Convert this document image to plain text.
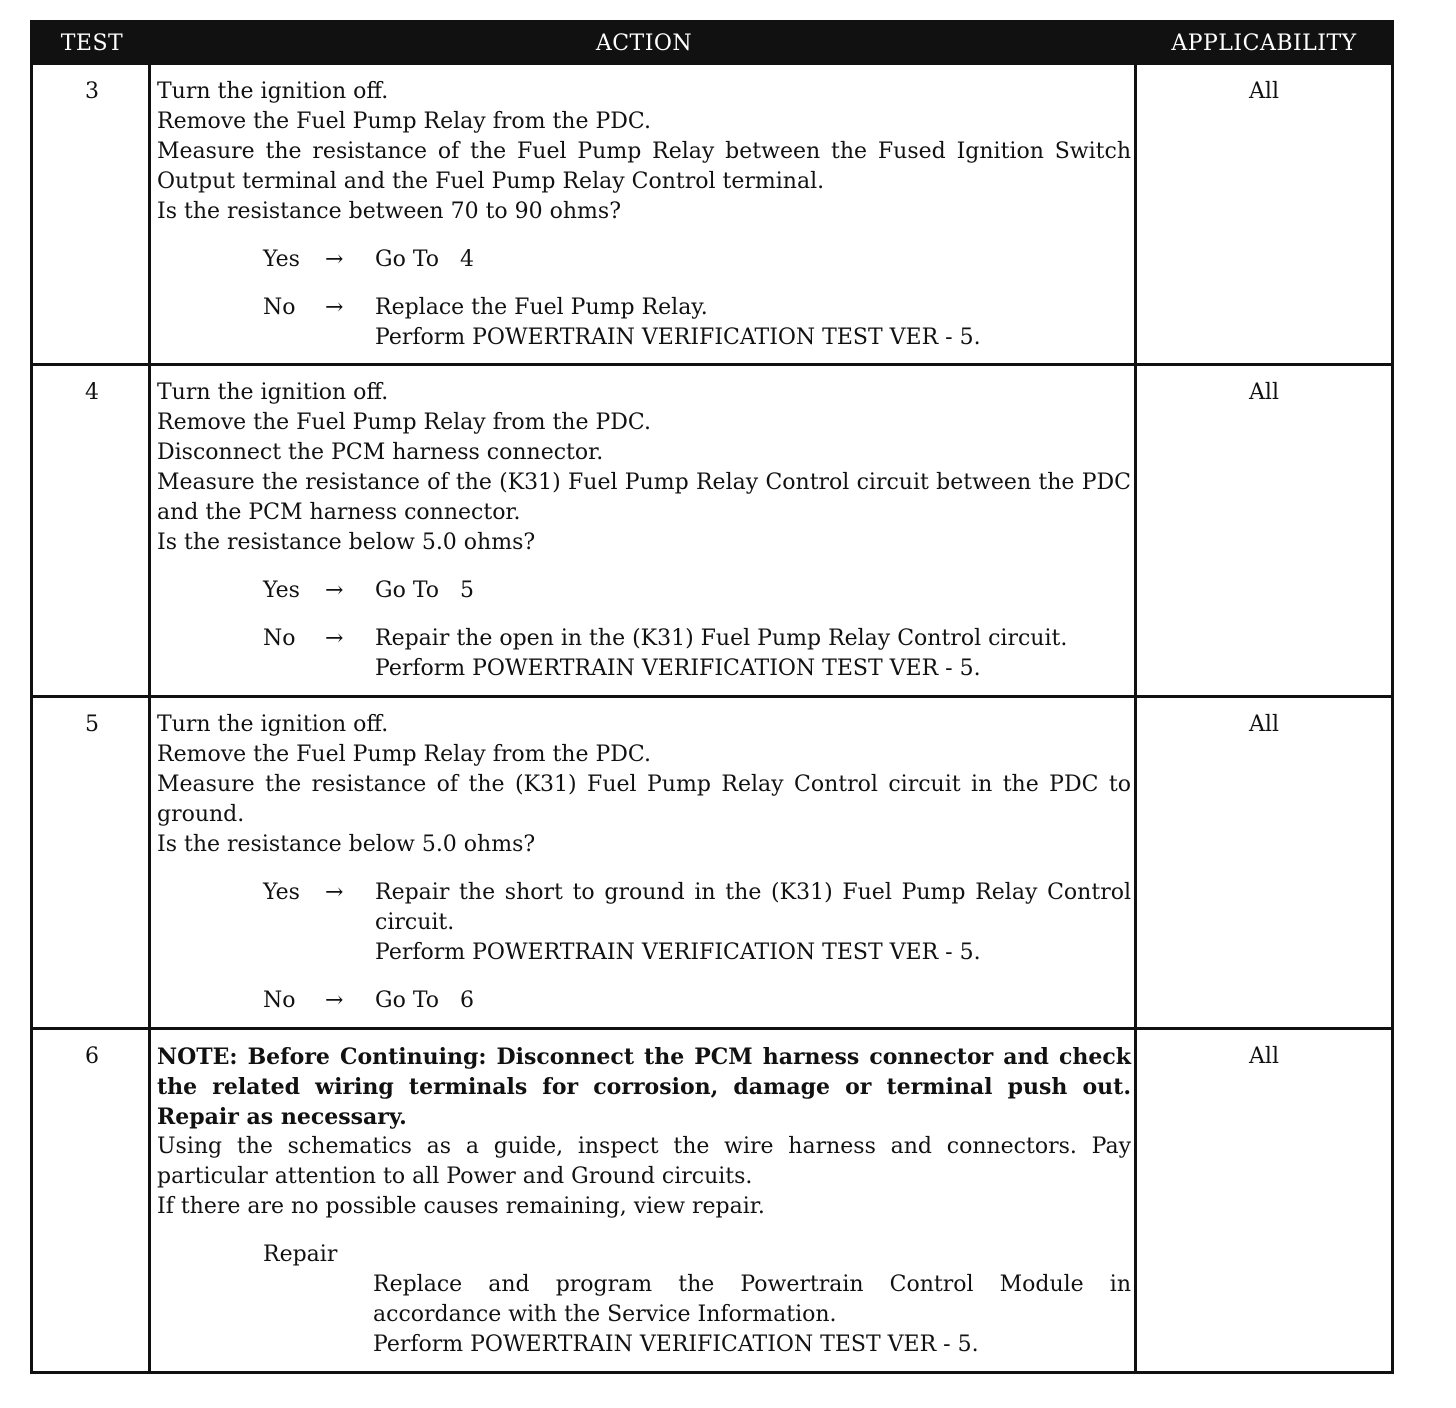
TEST	ACTION	APPLICABILITY
3	Turn the ignition off.
Remove the Fuel Pump Relay from the PDC.
Measure the resistance of the Fuel Pump Relay between the Fused Ignition Switch Output terminal and the Fuel Pump Relay Control terminal.
Is the resistance between 70 to 90 ohms?
Yes → Go To   4
No → Replace the Fuel Pump Relay.
Perform POWERTRAIN VERIFICATION TEST VER - 5.
All
4	Turn the ignition off.
Remove the Fuel Pump Relay from the PDC.
Disconnect the PCM harness connector.
Measure the resistance of the (K31) Fuel Pump Relay Control circuit between the PDC and the PCM harness connector.
Is the resistance below 5.0 ohms?
Yes → Go To   5
No → Repair the open in the (K31) Fuel Pump Relay Control circuit.
Perform POWERTRAIN VERIFICATION TEST VER - 5.
All
5	Turn the ignition off.
Remove the Fuel Pump Relay from the PDC.
Measure the resistance of the (K31) Fuel Pump Relay Control circuit in the PDC to ground.
Is the resistance below 5.0 ohms?
Yes → Repair the short to ground in the (K31) Fuel Pump Relay Control circuit.
Perform POWERTRAIN VERIFICATION TEST VER - 5.
No → Go To   6
All
6	NOTE: Before Continuing: Disconnect the PCM harness connector and check the related wiring terminals for corrosion, damage or terminal push out. Repair as necessary.
Using the schematics as a guide, inspect the wire harness and connectors. Pay particular attention to all Power and Ground circuits.
If there are no possible causes remaining, view repair.
Repair
Replace and program the Powertrain Control Module in accordance with the Service Information.
Perform POWERTRAIN VERIFICATION TEST VER - 5.
All
